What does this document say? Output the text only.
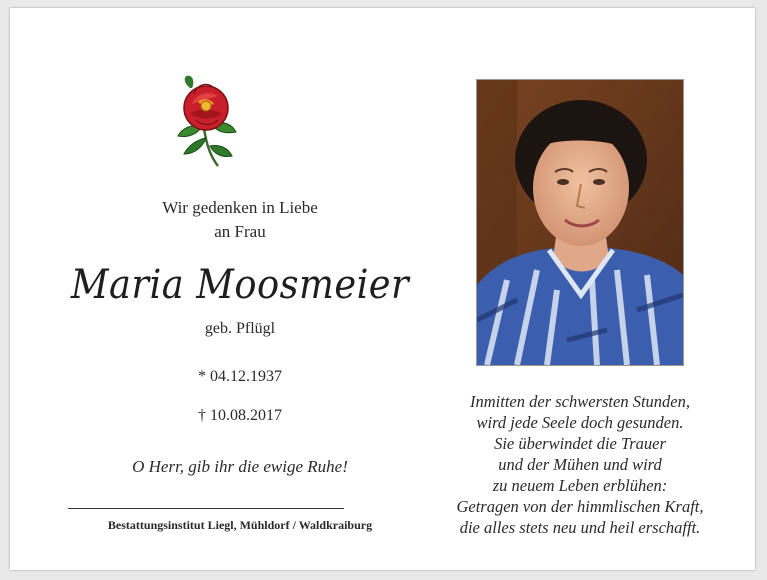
Wir gedenken in Liebe
an Frau
Maria Moosmeier
geb. Pflügl
* 04.12.1937
† 10.08.2017
O Herr, gib ihr die ewige Ruhe!
Bestattungsinstitut Liegl, Mühldorf / Waldkraiburg
Inmitten der schwersten Stunden,
wird jede Seele doch gesunden.
Sie überwindet die Trauer
und der Mühen und wird
zu neuem Leben erblühen:
Getragen von der himmlischen Kraft,
die alles stets neu und heil erschafft.
